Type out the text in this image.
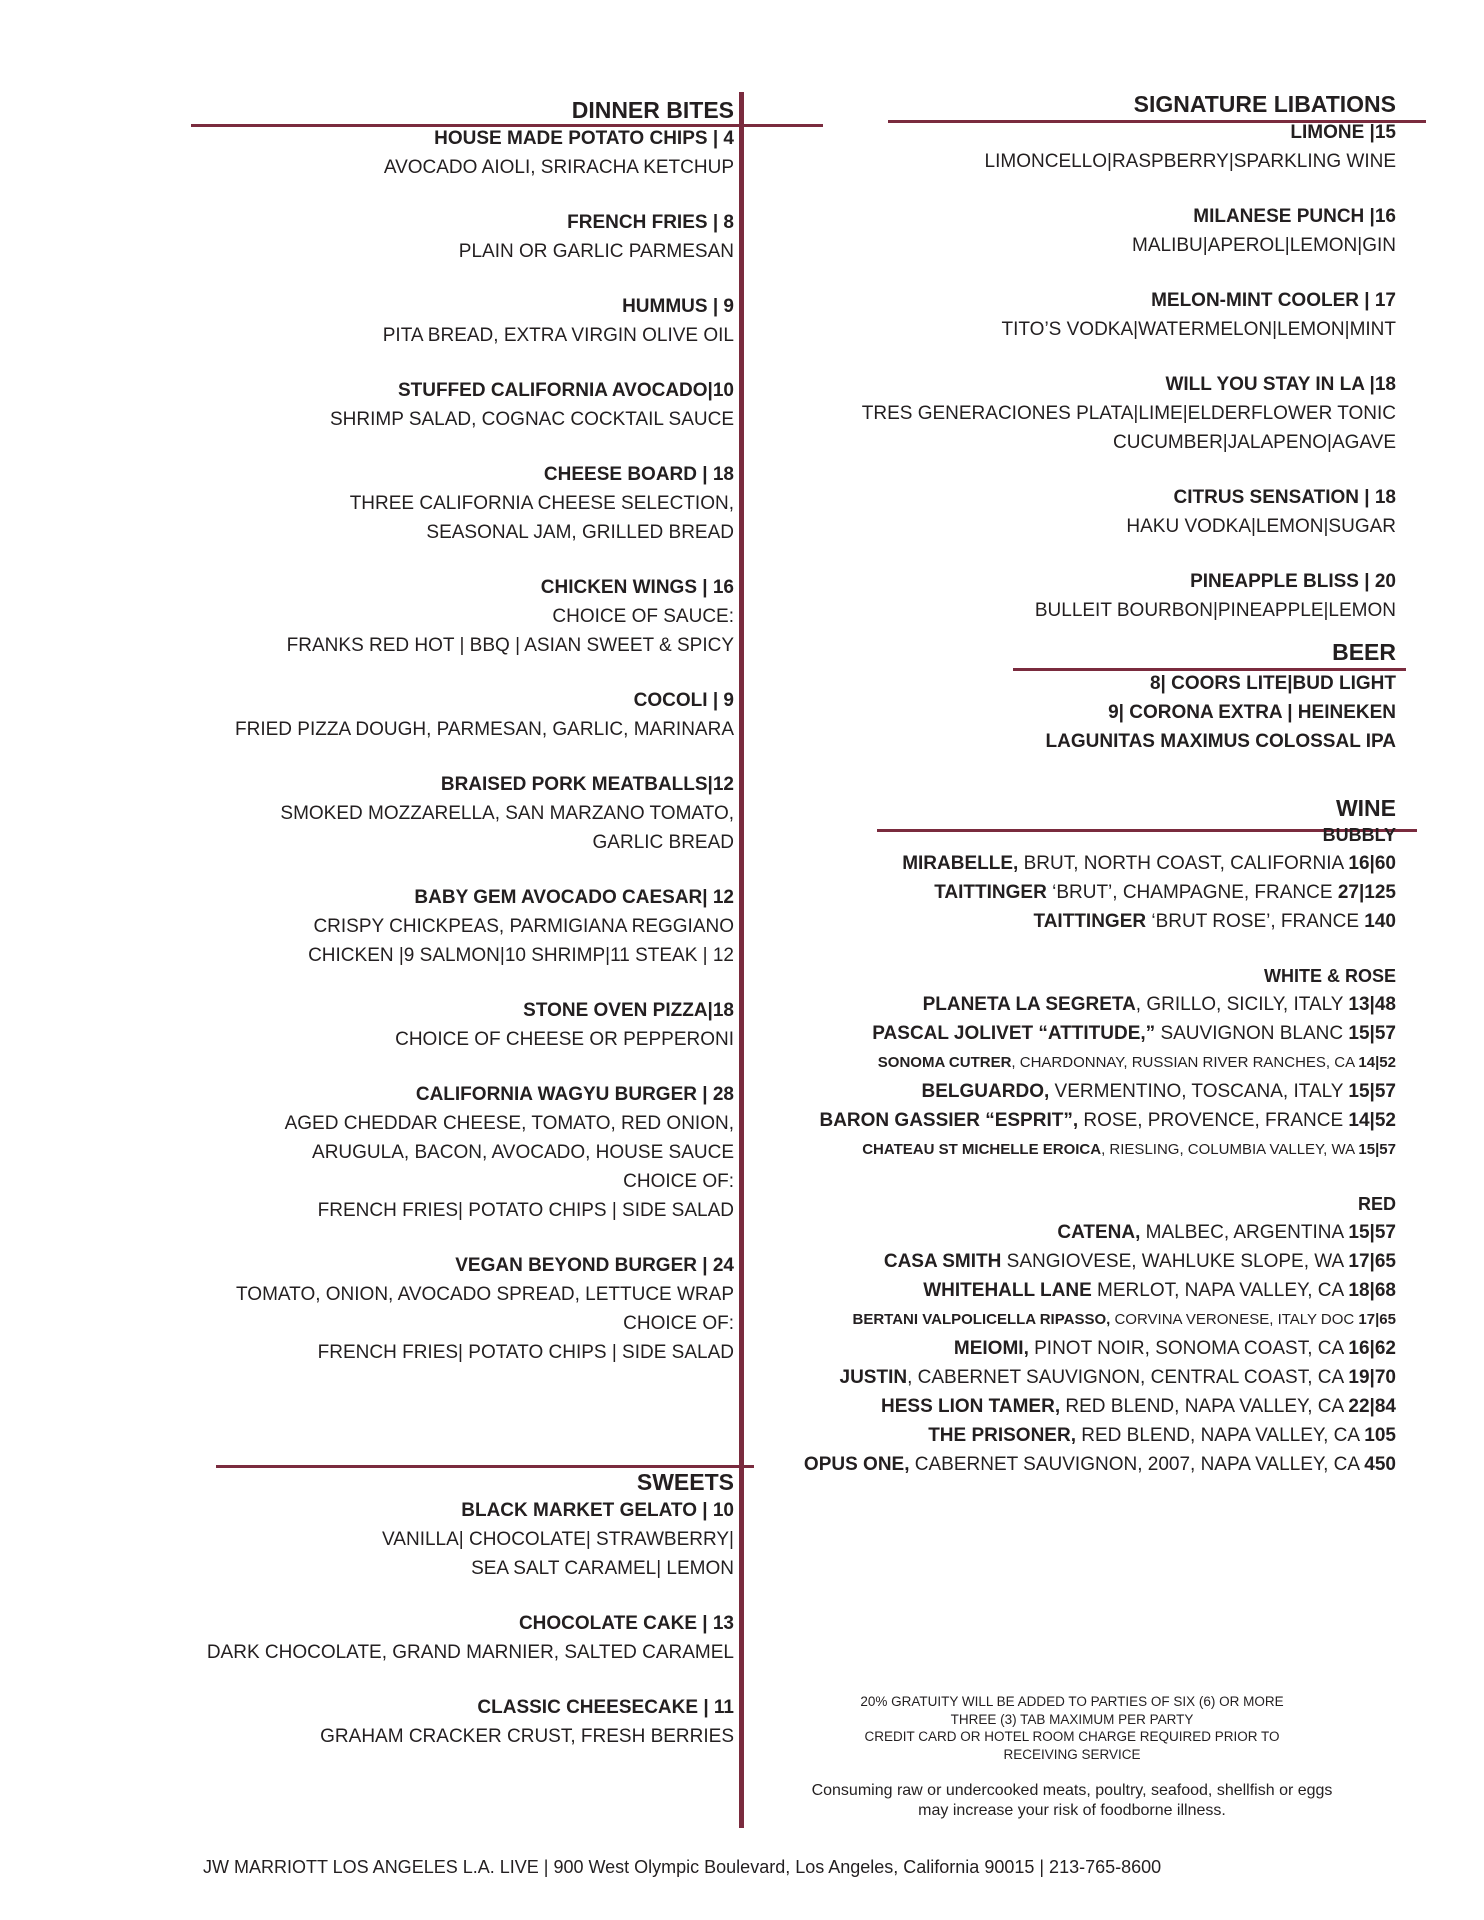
DINNER BITES
HOUSE MADE POTATO CHIPS | 4
AVOCADO AIOLI, SRIRACHA KETCHUP
FRENCH FRIES | 8
PLAIN OR GARLIC PARMESAN
HUMMUS | 9
PITA BREAD, EXTRA VIRGIN OLIVE OIL
STUFFED CALIFORNIA AVOCADO|10
SHRIMP SALAD, COGNAC COCKTAIL SAUCE
CHEESE BOARD | 18
THREE CALIFORNIA CHEESE SELECTION,
SEASONAL JAM, GRILLED BREAD
CHICKEN WINGS | 16
CHOICE OF SAUCE:
FRANKS RED HOT | BBQ | ASIAN SWEET & SPICY
COCOLI | 9
FRIED PIZZA DOUGH, PARMESAN, GARLIC, MARINARA
BRAISED PORK MEATBALLS|12
SMOKED MOZZARELLA, SAN MARZANO TOMATO,
GARLIC BREAD
BABY GEM AVOCADO CAESAR| 12
CRISPY CHICKPEAS, PARMIGIANA REGGIANO
CHICKEN |9 SALMON|10 SHRIMP|11 STEAK | 12
STONE OVEN PIZZA|18
CHOICE OF CHEESE OR PEPPERONI
CALIFORNIA WAGYU BURGER | 28
AGED CHEDDAR CHEESE, TOMATO, RED ONION,
ARUGULA, BACON, AVOCADO, HOUSE SAUCE
CHOICE OF:
FRENCH FRIES| POTATO CHIPS | SIDE SALAD
VEGAN BEYOND BURGER | 24
TOMATO, ONION, AVOCADO SPREAD, LETTUCE WRAP
CHOICE OF:
FRENCH FRIES| POTATO CHIPS | SIDE SALAD
SWEETS
BLACK MARKET GELATO | 10
VANILLA| CHOCOLATE| STRAWBERRY|
SEA SALT CARAMEL| LEMON
CHOCOLATE CAKE | 13
DARK CHOCOLATE, GRAND MARNIER, SALTED CARAMEL
CLASSIC CHEESECAKE | 11
GRAHAM CRACKER CRUST, FRESH BERRIES
SIGNATURE LIBATIONS
LIMONE |15
LIMONCELLO|RASPBERRY|SPARKLING WINE
MILANESE PUNCH |16
MALIBU|APEROL|LEMON|GIN
MELON-MINT COOLER | 17
TITO’S VODKA|WATERMELON|LEMON|MINT
WILL YOU STAY IN LA |18
TRES GENERACIONES PLATA|LIME|ELDERFLOWER TONIC
CUCUMBER|JALAPENO|AGAVE
CITRUS SENSATION | 18
HAKU VODKA|LEMON|SUGAR
PINEAPPLE BLISS | 20
BULLEIT BOURBON|PINEAPPLE|LEMON
BEER
8| COORS LITE|BUD LIGHT
9| CORONA EXTRA | HEINEKEN
LAGUNITAS MAXIMUS COLOSSAL IPA
WINE
BUBBLY
MIRABELLE, BRUT, NORTH COAST, CALIFORNIA 16|60
TAITTINGER ‘BRUT’, CHAMPAGNE, FRANCE 27|125
TAITTINGER ‘BRUT ROSE’, FRANCE 140
WHITE & ROSE
PLANETA LA SEGRETA, GRILLO, SICILY, ITALY 13|48
PASCAL JOLIVET “ATTITUDE,” SAUVIGNON BLANC 15|57
SONOMA CUTRER, CHARDONNAY, RUSSIAN RIVER RANCHES, CA 14|52
BELGUARDO, VERMENTINO, TOSCANA, ITALY 15|57
BARON GASSIER “ESPRIT”, ROSE, PROVENCE, FRANCE 14|52
CHATEAU ST MICHELLE EROICA, RIESLING, COLUMBIA VALLEY, WA 15|57
RED
CATENA, MALBEC, ARGENTINA 15|57
CASA SMITH SANGIOVESE, WAHLUKE SLOPE, WA 17|65
WHITEHALL LANE MERLOT, NAPA VALLEY, CA 18|68
BERTANI VALPOLICELLA RIPASSO, CORVINA VERONESE, ITALY DOC 17|65
MEIOMI, PINOT NOIR, SONOMA COAST, CA 16|62
JUSTIN, CABERNET SAUVIGNON, CENTRAL COAST, CA 19|70
HESS LION TAMER, RED BLEND, NAPA VALLEY, CA 22|84
THE PRISONER, RED BLEND, NAPA VALLEY, CA 105
OPUS ONE, CABERNET SAUVIGNON, 2007, NAPA VALLEY, CA 450
20% GRATUITY WILL BE ADDED TO PARTIES OF SIX (6) OR MORE
THREE (3) TAB MAXIMUM PER PARTY
CREDIT CARD OR HOTEL ROOM CHARGE REQUIRED PRIOR TO
RECEIVING SERVICE
Consuming raw or undercooked meats, poultry, seafood, shellfish or eggs
may increase your risk of foodborne illness.
JW MARRIOTT LOS ANGELES L.A. LIVE | 900 West Olympic Boulevard, Los Angeles, California 90015 | 213-765-8600
